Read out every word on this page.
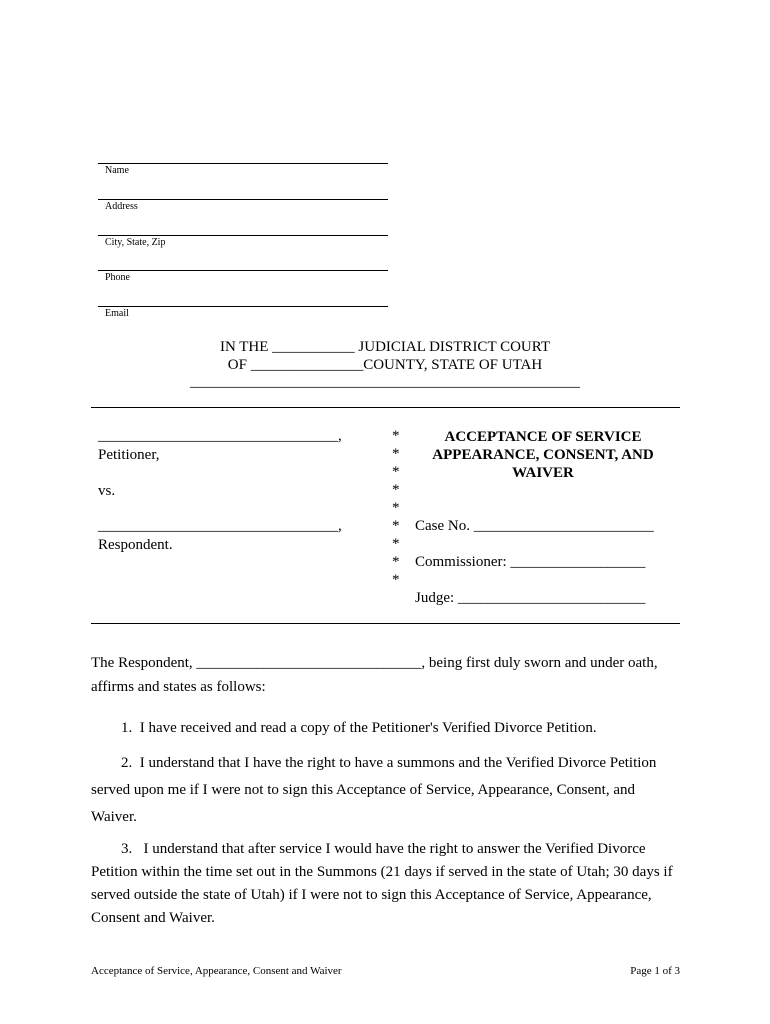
Name
Address
City, State, Zip
Phone
Email
IN THE ___________ JUDICIAL DISTRICT COURT
OF _______________COUNTY, STATE OF UTAH
____________________________________________________
________________________________,
Petitioner,
vs.
________________________________,
Respondent.
*
*
*
*
*
*
*
*
*
ACCEPTANCE OF SERVICE
APPEARANCE, CONSENT, AND
WAIVER
Case No. ________________________
Commissioner: __________________
Judge: _________________________
The Respondent, ______________________________, being first duly sworn and under oath,
affirms and states as follows:
1.  I have received and read a copy of the Petitioner's Verified Divorce Petition.
2.  I understand that I have the right to have a summons and the Verified Divorce Petition
served upon me if I were not to sign this Acceptance of Service, Appearance, Consent, and
Waiver.
3.   I understand that after service I would have the right to answer the Verified Divorce
Petition within the time set out in the Summons (21 days if served in the state of Utah; 30 days if
served outside the state of Utah) if I were not to sign this Acceptance of Service, Appearance,
Consent and Waiver.
Acceptance of Service, Appearance, Consent and Waiver	Page 1 of 3
